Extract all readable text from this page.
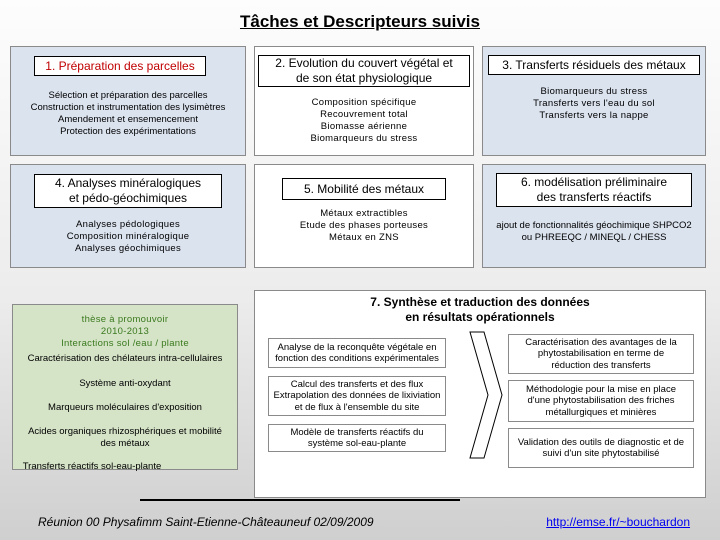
Tâches et Descripteurs suivis
1. Préparation des parcelles
Sélection et préparation des parcelles
Construction et instrumentation des lysimètres
Amendement et ensemencement
Protection des expérimentations
2. Evolution du couvert végétal et
de son état physiologique
Composition spécifique
Recouvrement total
Biomasse aérienne
Biomarqueurs du stress
3. Transferts résiduels des métaux
Biomarqueurs du stress
Transferts vers l'eau du sol
Transferts vers la nappe
4. Analyses minéralogiques
et pédo-géochimiques
Analyses pédologiques
Composition minéralogique
Analyses géochimiques
5. Mobilité des métaux
Métaux extractibles
Etude des phases porteuses
Métaux en ZNS
6. modélisation préliminaire
des transferts réactifs
ajout de fonctionnalités géochimique SHPCO2
ou PHREEQC / MINEQL / CHESS
thèse à promouvoir
2010-2013
Interactions sol /eau / plante
Caractérisation des chélateurs intra-cellulaires
Système anti-oxydant
Marqueurs moléculaires d'exposition
Acides organiques rhizosphériques et mobilité
des métaux
Transferts réactifs sol-eau-plante
7. Synthèse et traduction des données
en résultats opérationnels
Analyse de la reconquête végétale en
fonction des conditions expérimentales
Calcul des transferts et des flux
Extrapolation des données de lixiviation
et de flux à l'ensemble du site
Modèle de transferts réactifs du
système sol-eau-plante
Caractérisation des avantages de la
phytostabilisation en terme de
réduction des transferts
Méthodologie pour la mise en place
d'une phytostabilisation des friches
métallurgiques et minières
Validation des outils de diagnostic et de
suivi d'un site phytostabilisé
Réunion 00 Physafimm Saint-Etienne-Châteauneuf 02/09/2009	http://emse.fr/~bouchardon
